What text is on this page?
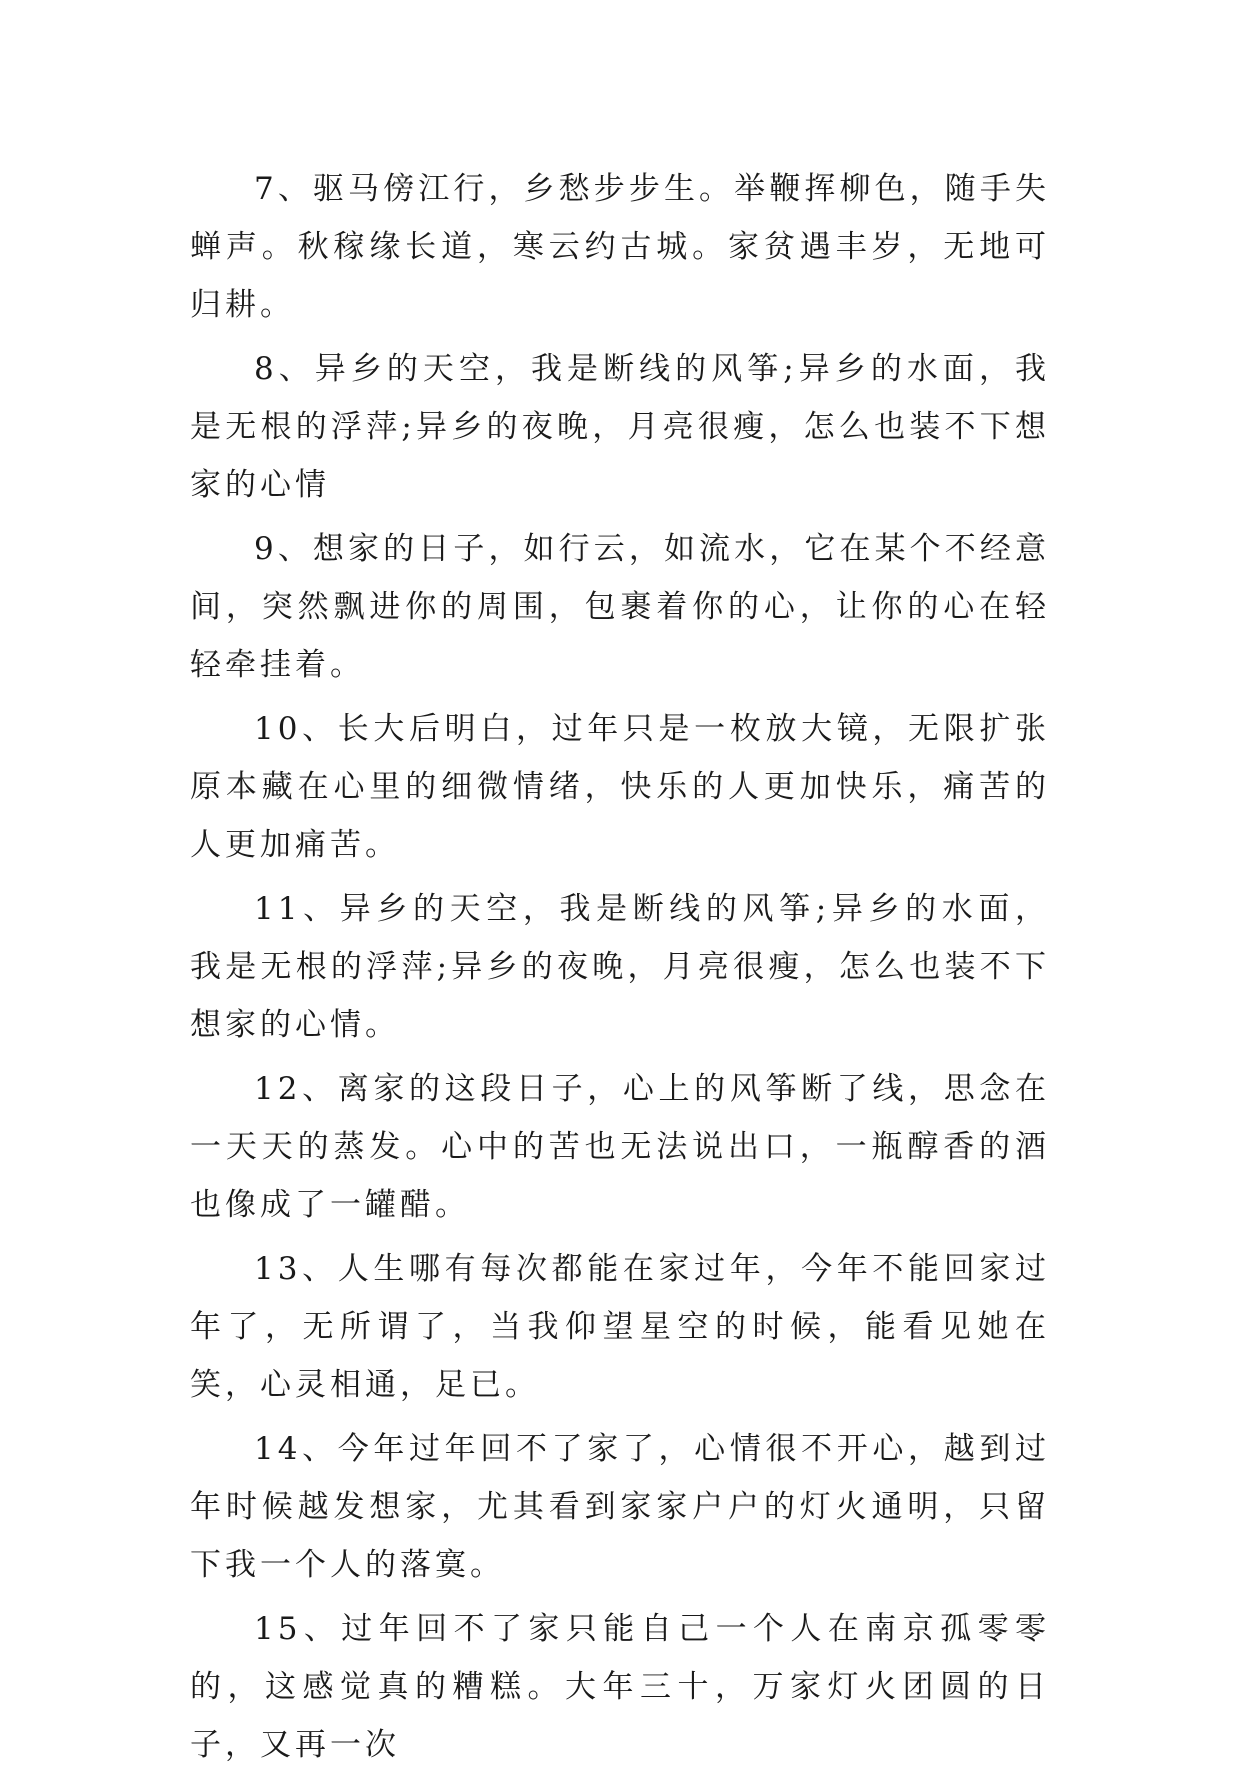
7、驱马傍江行，乡愁步步生。举鞭挥柳色，随手失蝉声。秋稼缘长道，寒云约古城。家贫遇丰岁，无地可归耕。

8、异乡的天空，我是断线的风筝;异乡的水面，我是无根的浮萍;异乡的夜晚，月亮很瘦，怎么也装不下想家的心情

9、想家的日子，如行云，如流水，它在某个不经意间，突然飘进你的周围，包裹着你的心，让你的心在轻轻牵挂着。

10、长大后明白，过年只是一枚放大镜，无限扩张原本藏在心里的细微情绪，快乐的人更加快乐，痛苦的人更加痛苦。

11、异乡的天空，我是断线的风筝;异乡的水面，我是无根的浮萍;异乡的夜晚，月亮很瘦，怎么也装不下想家的心情。

12、离家的这段日子，心上的风筝断了线，思念在一天天的蒸发。心中的苦也无法说出口，一瓶醇香的酒也像成了一罐醋。

13、人生哪有每次都能在家过年，今年不能回家过年了，无所谓了，当我仰望星空的时候，能看见她在笑，心灵相通，足已。

14、今年过年回不了家了，心情很不开心，越到过年时候越发想家，尤其看到家家户户的灯火通明，只留下我一个人的落寞。

15、过年回不了家只能自己一个人在南京孤零零的，这感觉真的糟糕。大年三十，万家灯火团圆的日子，又再一次
